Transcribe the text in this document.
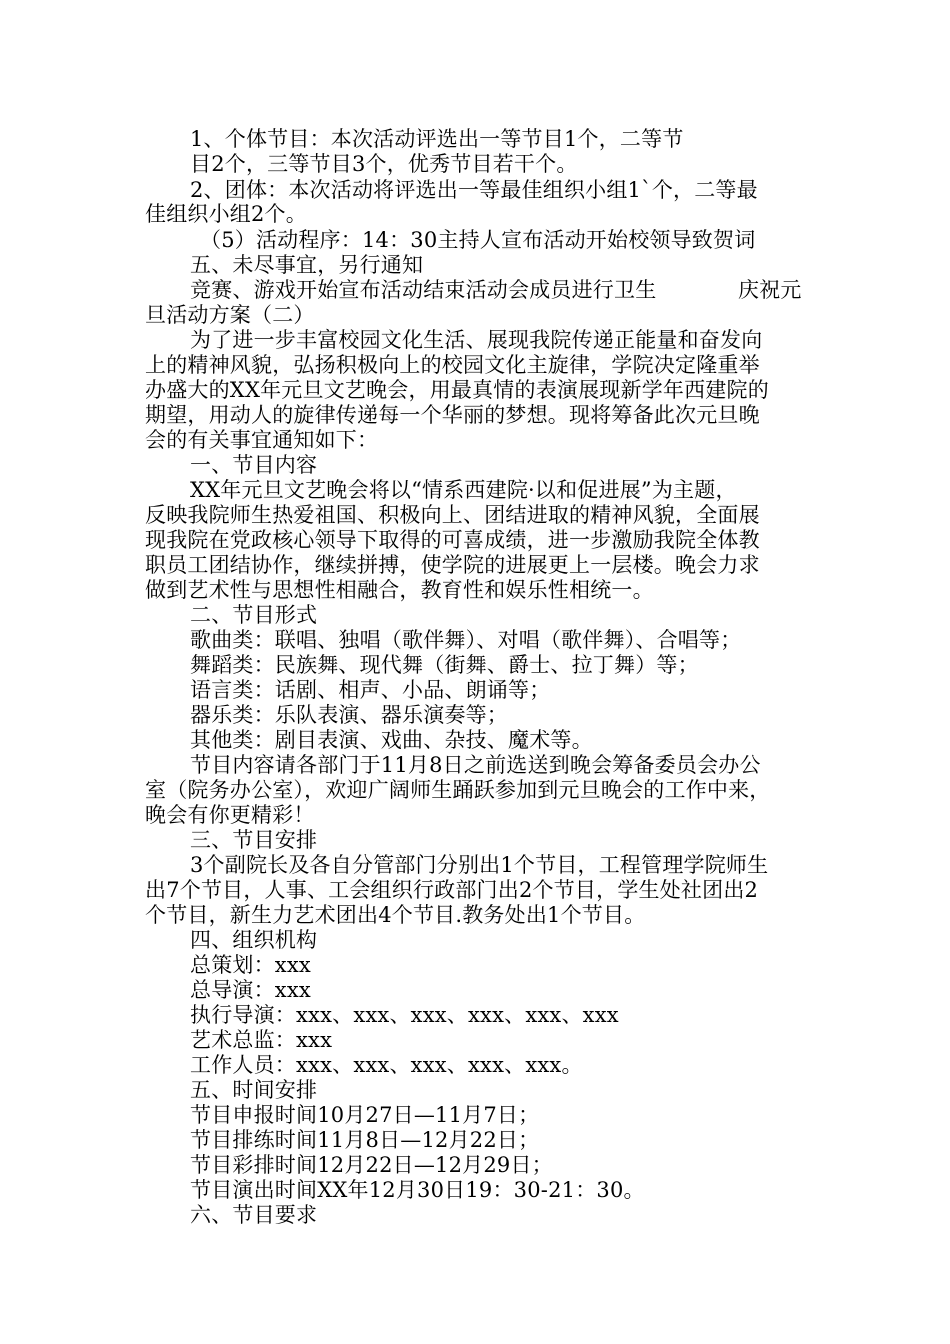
1、个体节目：本次活动评选出一等节目1个，二等节
目2个，三等节目3个，优秀节目若干个。
2、团体：本次活动将评选出一等最佳组织小组1`个，二等最
佳组织小组2个。
（5）活动程序：14：30主持人宣布活动开始校领导致贺词
五、未尽事宜，另行通知
竞赛、游戏开始宣布活动结束活动会成员进行卫生	庆祝元
旦活动方案（二）
为了进一步丰富校园文化生活、展现我院传递正能量和奋发向
上的精神风貌，弘扬积极向上的校园文化主旋律，学院决定隆重举
办盛大的XX年元旦文艺晚会，用最真情的表演展现新学年西建院的
期望，用动人的旋律传递每一个华丽的梦想。现将筹备此次元旦晚
会的有关事宜通知如下：
一、节目内容
XX年元旦文艺晚会将以“情系西建院·以和促进展”为主题，
反映我院师生热爱祖国、积极向上、团结进取的精神风貌，全面展
现我院在党政核心领导下取得的可喜成绩，进一步激励我院全体教
职员工团结协作，继续拼搏，使学院的进展更上一层楼。晚会力求
做到艺术性与思想性相融合，教育性和娱乐性相统一。
二、节目形式
歌曲类：联唱、独唱（歌伴舞）、对唱（歌伴舞）、合唱等；
舞蹈类：民族舞、现代舞（街舞、爵士、拉丁舞）等；
语言类：话剧、相声、小品、朗诵等；
器乐类：乐队表演、器乐演奏等；
其他类：剧目表演、戏曲、杂技、魔术等。
节目内容请各部门于11月8日之前选送到晚会筹备委员会办公
室（院务办公室），欢迎广阔师生踊跃参加到元旦晚会的工作中来，
晚会有你更精彩！
三、节目安排
3个副院长及各自分管部门分别出1个节目，工程管理学院师生
出7个节目，人事、工会组织行政部门出2个节目，学生处社团出2
个节目，新生力艺术团出4个节目.教务处出1个节目。
四、组织机构
总策划：xxx
总导演：xxx
执行导演：xxx、xxx、xxx、xxx、xxx、xxx
艺术总监：xxx
工作人员：xxx、xxx、xxx、xxx、xxx。
五、时间安排
节目申报时间10月27日—11月7日；
节目排练时间11月8日—12月22日；
节目彩排时间12月22日—12月29日；
节目演出时间XX年12月30日19：30-21：30。
六、节目要求
